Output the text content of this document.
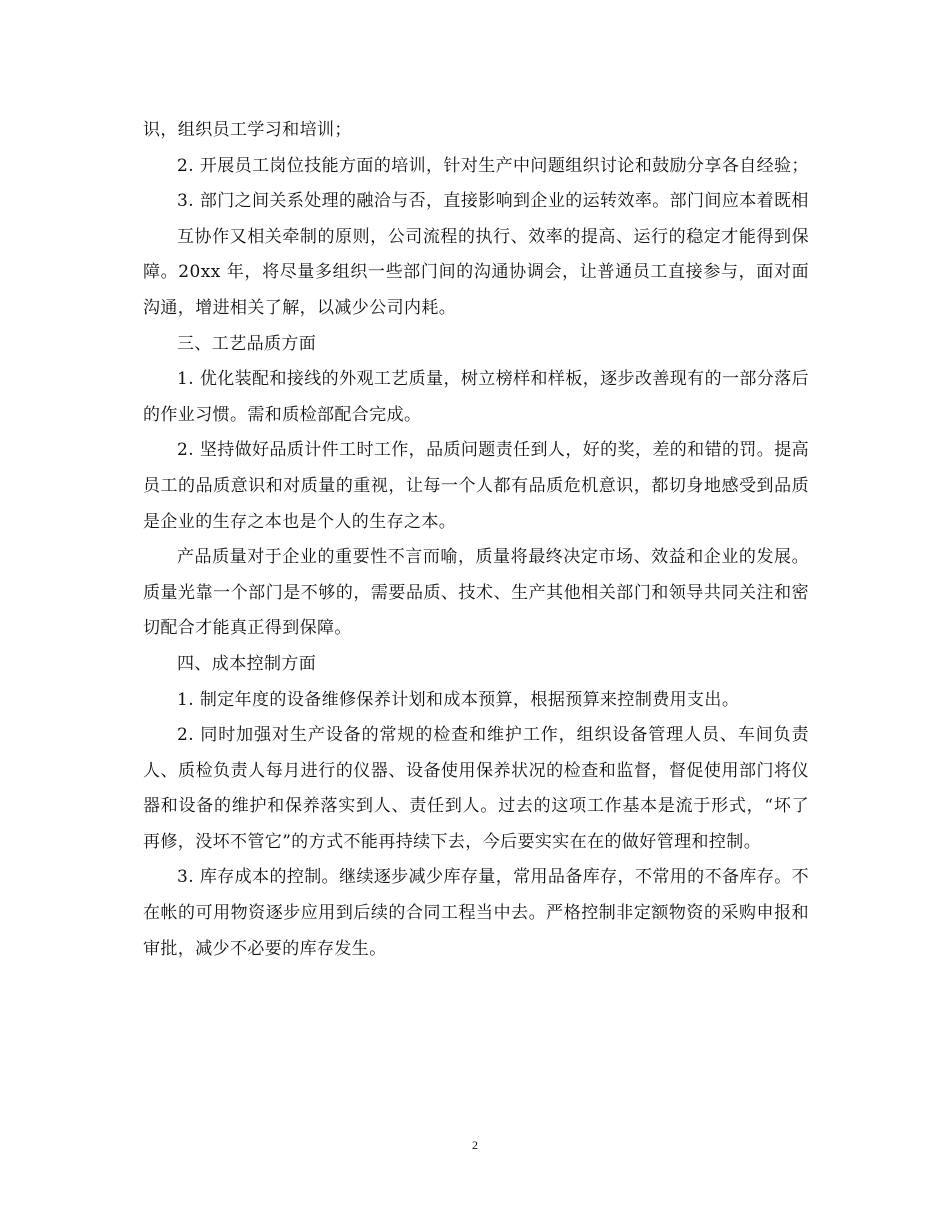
识，组织员工学习和培训；

2. 开展员工岗位技能方面的培训，针对生产中问题组织讨论和鼓励分享各自经验；

3. 部门之间关系处理的融洽与否，直接影响到企业的运转效率。部门间应本着既相

互协作又相关牵制的原则，公司流程的执行、效率的提高、运行的稳定才能得到保障。20xx 年，将尽量多组织一些部门间的沟通协调会，让普通员工直接参与，面对面沟通，增进相关了解，以减少公司内耗。

三、工艺品质方面

1. 优化装配和接线的外观工艺质量，树立榜样和样板，逐步改善现有的一部分落后的作业习惯。需和质检部配合完成。

2. 坚持做好品质计件工时工作，品质问题责任到人，好的奖，差的和错的罚。提高员工的品质意识和对质量的重视，让每一个人都有品质危机意识，都切身地感受到品质是企业的生存之本也是个人的生存之本。

产品质量对于企业的重要性不言而喻，质量将最终决定市场、效益和企业的发展。质量光靠一个部门是不够的，需要品质、技术、生产其他相关部门和领导共同关注和密切配合才能真正得到保障。

四、成本控制方面

1. 制定年度的设备维修保养计划和成本预算，根据预算来控制费用支出。

2. 同时加强对生产设备的常规的检查和维护工作，组织设备管理人员、车间负责人、质检负责人每月进行的仪器、设备使用保养状况的检查和监督，督促使用部门将仪器和设备的维护和保养落实到人、责任到人。过去的这项工作基本是流于形式，“坏了再修，没坏不管它”的方式不能再持续下去，今后要实实在在的做好管理和控制。

3. 库存成本的控制。继续逐步减少库存量，常用品备库存，不常用的不备库存。不在帐的可用物资逐步应用到后续的合同工程当中去。严格控制非定额物资的采购申报和审批，减少不必要的库存发生。

2
